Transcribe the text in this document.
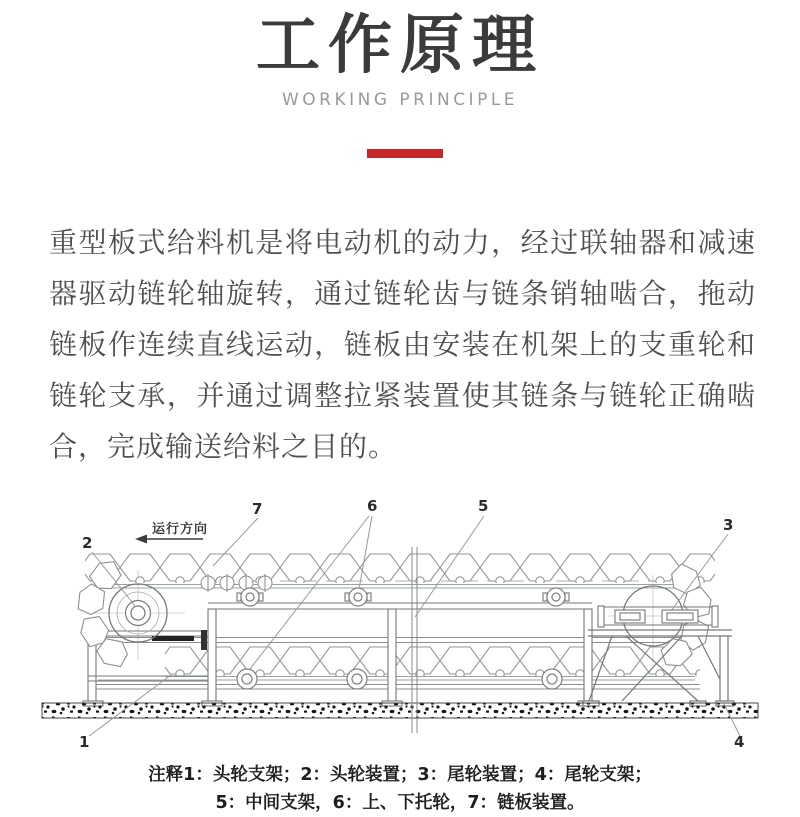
工作原理
WORKING PRINCIPLE
重型板式给料机是将电动机的动力，经过联轴器和减速器驱动链轮轴旋转，通过链轮齿与链条销轴啮合，拖动链板作连续直线运动，链板由安装在机架上的支重轮和链轮支承，并通过调整拉紧装置使其链条与链轮正确啮合，完成输送给料之目的。
2
7	6	5
3
1	4
运行方向
注释1：头轮支架；2：头轮装置；3：尾轮装置；4：尾轮支架；
5：中间支架，6：上、下托轮，7：链板装置。
